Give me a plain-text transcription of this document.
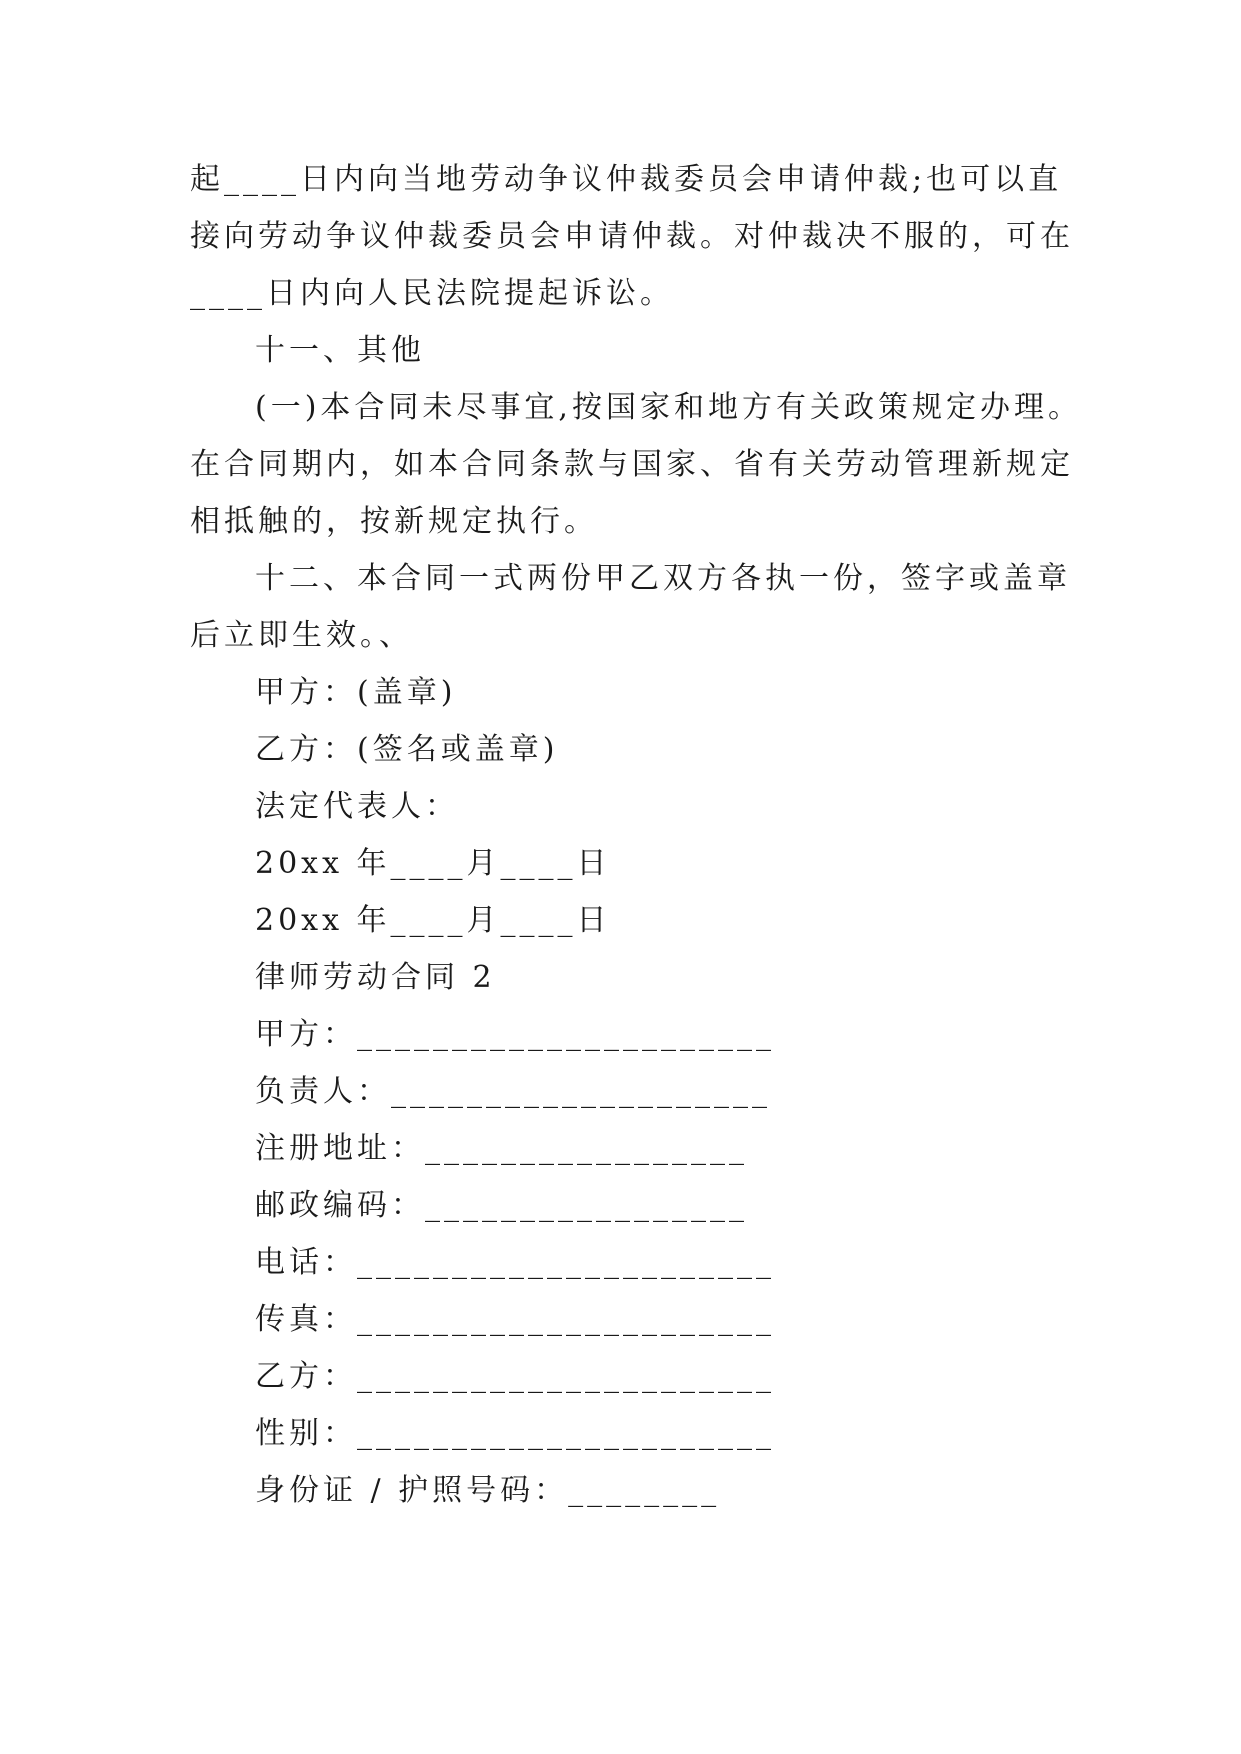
起____日内向当地劳动争议仲裁委员会申请仲裁;也可以直
接向劳动争议仲裁委员会申请仲裁。对仲裁决不服的，可在
____日内向人民法院提起诉讼。
十一、其他
(一)本合同未尽事宜,按国家和地方有关政策规定办理。
在合同期内，如本合同条款与国家、省有关劳动管理新规定
相抵触的，按新规定执行。
十二、本合同一式两份甲乙双方各执一份，签字或盖章
后立即生效。、
甲方：(盖章)
乙方：(签名或盖章)
法定代表人：
20xx 年____月____日
20xx 年____月____日
律师劳动合同 2
甲方：______________________
负责人：____________________
注册地址：_________________
邮政编码：_________________
电话：______________________
传真：______________________
乙方：______________________
性别：______________________
身份证 / 护照号码：________
